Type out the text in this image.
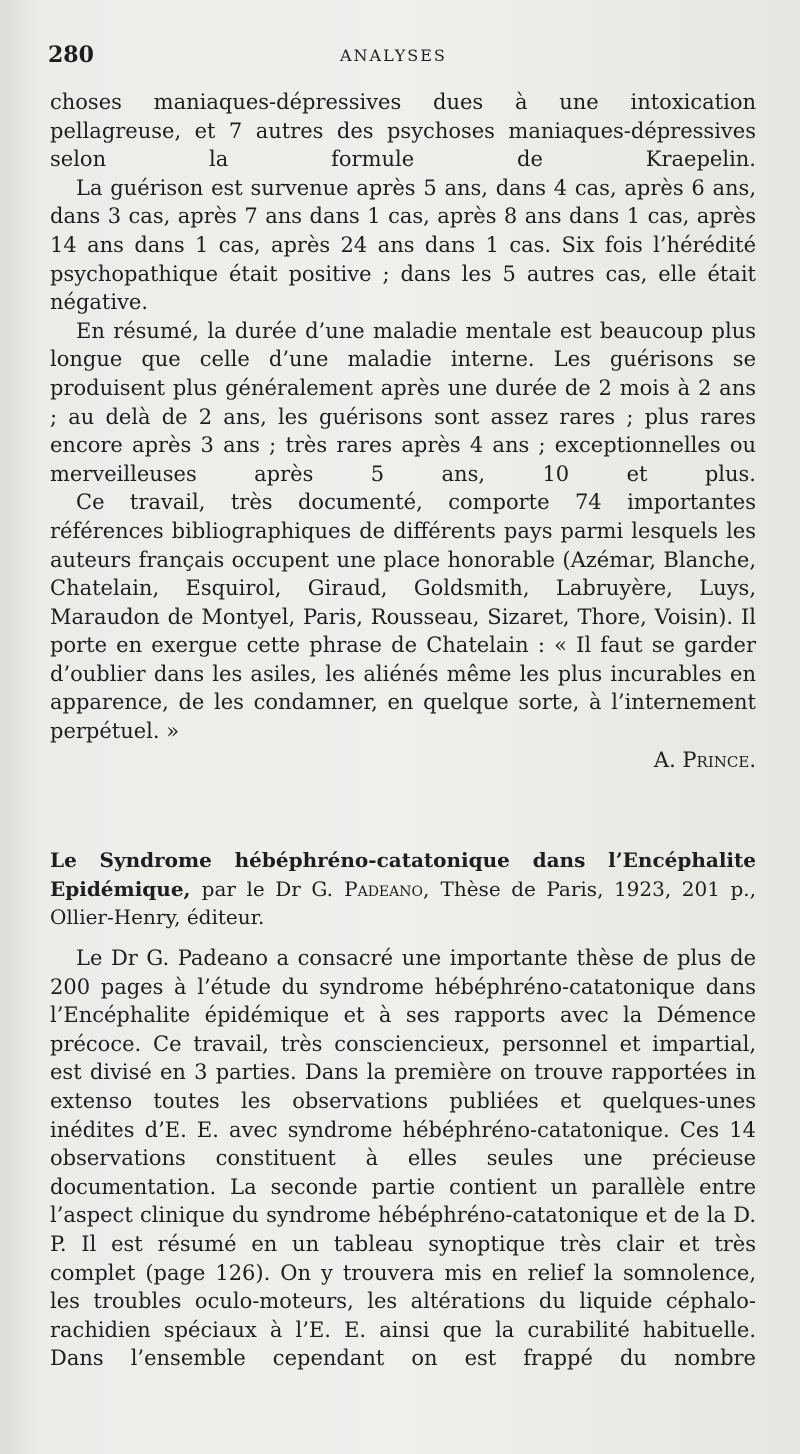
280	ANALYSES

choses maniaques-dépressives dues à une intoxication pellagreuse, et 7 autres des psychoses maniaques-dépressives selon la formule de Kraepelin.

La guérison est survenue après 5 ans, dans 4 cas, après 6 ans, dans 3 cas, après 7 ans dans 1 cas, après 8 ans dans 1 cas, après 14 ans dans 1 cas, après 24 ans dans 1 cas. Six fois l’hérédité psychopathique était positive ; dans les 5 autres cas, elle était négative.

En résumé, la durée d’une maladie mentale est beaucoup plus longue que celle d’une maladie interne. Les guérisons se produisent plus généralement après une durée de 2 mois à 2 ans ; au delà de 2 ans, les guérisons sont assez rares ; plus rares encore après 3 ans ; très rares après 4 ans ; exceptionnelles ou merveilleuses après 5 ans, 10 et plus.

Ce travail, très documenté, comporte 74 importantes références bibliographiques de différents pays parmi lesquels les auteurs français occupent une place honorable (Azémar, Blanche, Chatelain, Esquirol, Giraud, Goldsmith, Labruyère, Luys, Maraudon de Montyel, Paris, Rousseau, Sizaret, Thore, Voisin). Il porte en exergue cette phrase de Chatelain : « Il faut se garder d’oublier dans les asiles, les aliénés même les plus incurables en apparence, de les condamner, en quelque sorte, à l’internement perpétuel. »

A. Prince.

Le Syndrome hébéphréno-catatonique dans l’Encéphalite Epidémique, par le Dr G. Padeano, Thèse de Paris, 1923, 201 p., Ollier-Henry, éditeur.

Le Dr G. Padeano a consacré une importante thèse de plus de 200 pages à l’étude du syndrome hébéphréno-catatonique dans l’Encéphalite épidémique et à ses rapports avec la Démence précoce. Ce travail, très consciencieux, personnel et impartial, est divisé en 3 parties. Dans la première on trouve rapportées in extenso toutes les observations publiées et quelques-unes inédites d’E. E. avec syndrome hébéphréno-catatonique. Ces 14 observations constituent à elles seules une précieuse documentation. La seconde partie contient un parallèle entre l’aspect clinique du syndrome hébéphréno-catatonique et de la D. P. Il est résumé en un tableau synoptique très clair et très complet (page 126). On y trouvera mis en relief la somnolence, les troubles oculo-moteurs, les altérations du liquide céphalo-rachidien spéciaux à l’E. E. ainsi que la curabilité habituelle. Dans l’ensemble cependant on est frappé du nombre
